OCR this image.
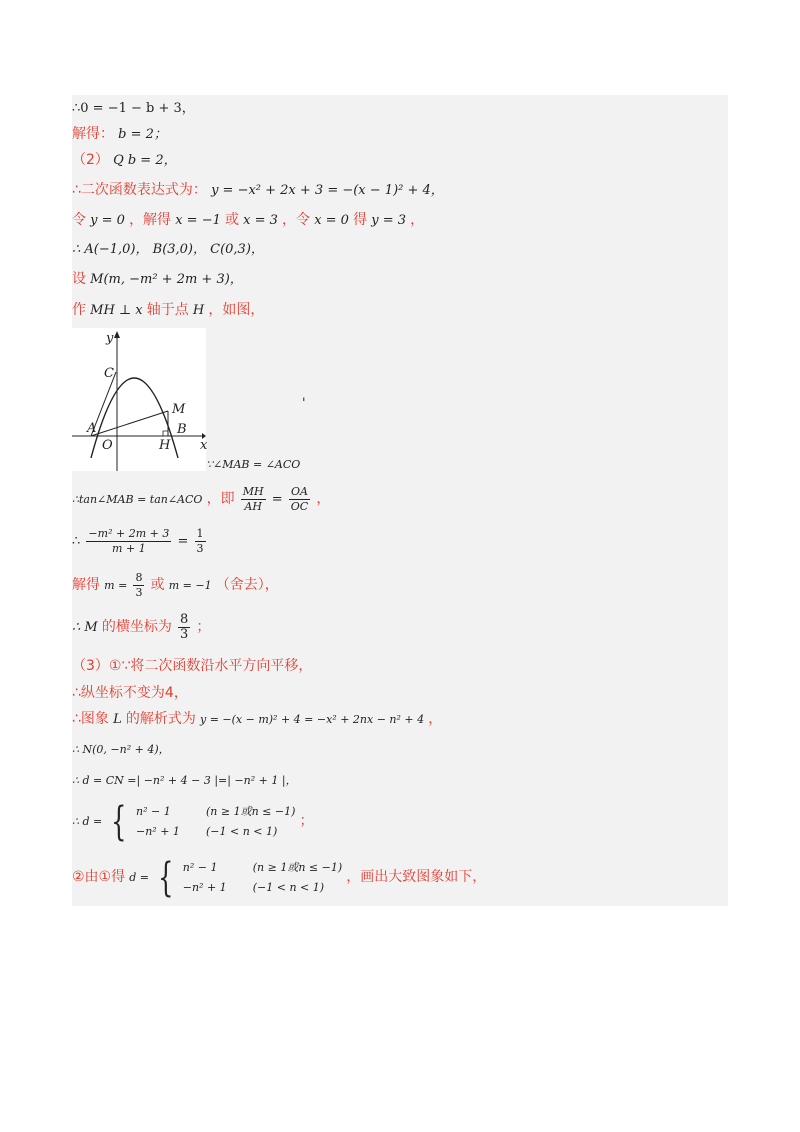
∴0 = −1 − b + 3，
解得： b = 2；
（2） Q b = 2，
∴二次函数表达式为： y = −x² + 2x + 3 = −(x − 1)² + 4，
令 y = 0 ，解得 x = −1 或 x = 3 ，令 x = 0 得 y = 3 ，
∴ A(−1,0)， B(3,0)， C(0,3)，
设 M(m, −m² + 2m + 3)，
作 MH ⊥ x 轴于点 H ，如图，
y
x
C
M
A
O	H
B
'
∵∠MAB = ∠ACO
∴tan∠MAB = tan∠ACO ，即 $\frac{MH}{AH} = \frac{OA}{OC}$ ，
∴ $\frac{\text{−m² + 2m + 3}}{m + 1} = \frac{1}{3}$
解得 $m = \frac{8}{3}$ 或 m = −1 （舍去），
∴ M 的横坐标为 $\frac{8}{3}$ ；
（3）①∵将二次函数沿水平方向平移，
∴纵坐标不变为4，
∴图象 L 的解析式为 y = −(x − m)² + 4 = −x² + 2nx − n² + 4 ，
∴ N(0, −n² + 4)，
∴ d = CN =| −n² + 4 − 3 |=| −n² + 1 |，
∴ d = { n² − 1	(n ≥ 1或n ≤ −1)
−n² + 1	(−1 < n < 1)
；
②由①得 d = { n² − 1	(n ≥ 1或n ≤ −1)
−n² + 1	(−1 < n < 1)
，画出大致图象如下，
